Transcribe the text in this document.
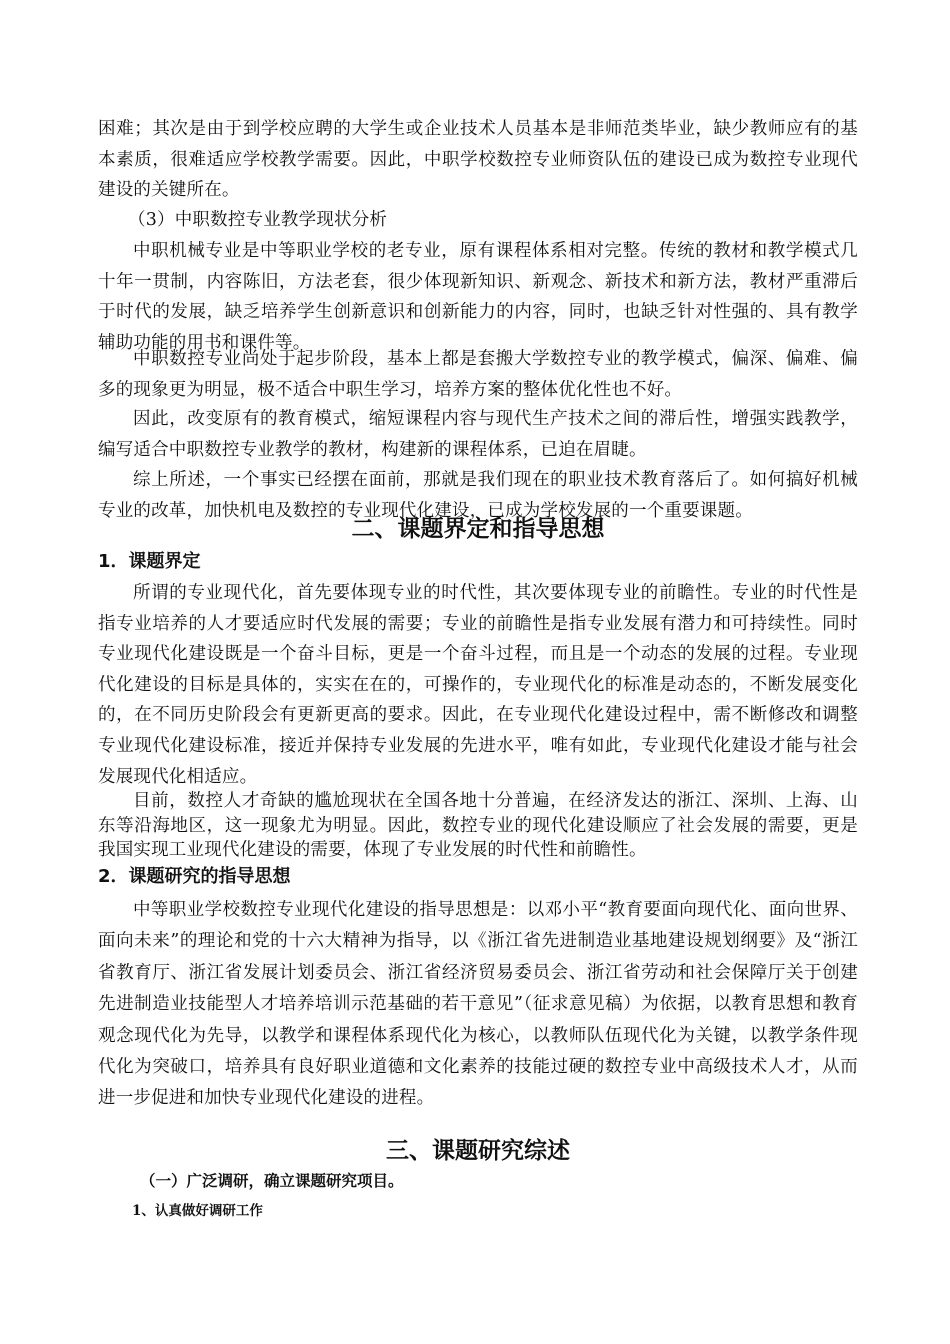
困难；其次是由于到学校应聘的大学生或企业技术人员基本是非师范类毕业，缺少教师应有的基本素质，很难适应学校教学需要。因此，中职学校数控专业师资队伍的建设已成为数控专业现代建设的关键所在。

（3）中职数控专业教学现状分析

中职机械专业是中等职业学校的老专业，原有课程体系相对完整。传统的教材和教学模式几十年一贯制，内容陈旧，方法老套，很少体现新知识、新观念、新技术和新方法，教材严重滞后于时代的发展，缺乏培养学生创新意识和创新能力的内容，同时，也缺乏针对性强的、具有教学辅助功能的用书和课件等。

中职数控专业尚处于起步阶段，基本上都是套搬大学数控专业的教学模式，偏深、偏难、偏多的现象更为明显，极不适合中职生学习，培养方案的整体优化性也不好。

因此，改变原有的教育模式，缩短课程内容与现代生产技术之间的滞后性，增强实践教学，编写适合中职数控专业教学的教材，构建新的课程体系，已迫在眉睫。

综上所述，一个事实已经摆在面前，那就是我们现在的职业技术教育落后了。如何搞好机械专业的改革，加快机电及数控的专业现代化建设，已成为学校发展的一个重要课题。

二、课题界定和指导思想
1．课题界定

所谓的专业现代化，首先要体现专业的时代性，其次要体现专业的前瞻性。专业的时代性是指专业培养的人才要适应时代发展的需要；专业的前瞻性是指专业发展有潜力和可持续性。同时专业现代化建设既是一个奋斗目标，更是一个奋斗过程，而且是一个动态的发展的过程。专业现代化建设的目标是具体的，实实在在的，可操作的，专业现代化的标准是动态的，不断发展变化的，在不同历史阶段会有更新更高的要求。因此，在专业现代化建设过程中，需不断修改和调整专业现代化建设标准，接近并保持专业发展的先进水平，唯有如此，专业现代化建设才能与社会发展现代化相适应。

目前，数控人才奇缺的尴尬现状在全国各地十分普遍，在经济发达的浙江、深圳、上海、山东等沿海地区，这一现象尤为明显。因此，数控专业的现代化建设顺应了社会发展的需要，更是我国实现工业现代化建设的需要，体现了专业发展的时代性和前瞻性。

2．课题研究的指导思想

中等职业学校数控专业现代化建设的指导思想是：以邓小平“教育要面向现代化、面向世界、面向未来”的理论和党的十六大精神为指导，以《浙江省先进制造业基地建设规划纲要》及“浙江省教育厅、浙江省发展计划委员会、浙江省经济贸易委员会、浙江省劳动和社会保障厅关于创建先进制造业技能型人才培养培训示范基础的若干意见”（征求意见稿）为依据，以教育思想和教育观念现代化为先导，以教学和课程体系现代化为核心，以教师队伍现代化为关键，以教学条件现代化为突破口，培养具有良好职业道德和文化素养的技能过硬的数控专业中高级技术人才，从而进一步促进和加快专业现代化建设的进程。

三、课题研究综述
（一）广泛调研，确立课题研究项目。
1、认真做好调研工作
